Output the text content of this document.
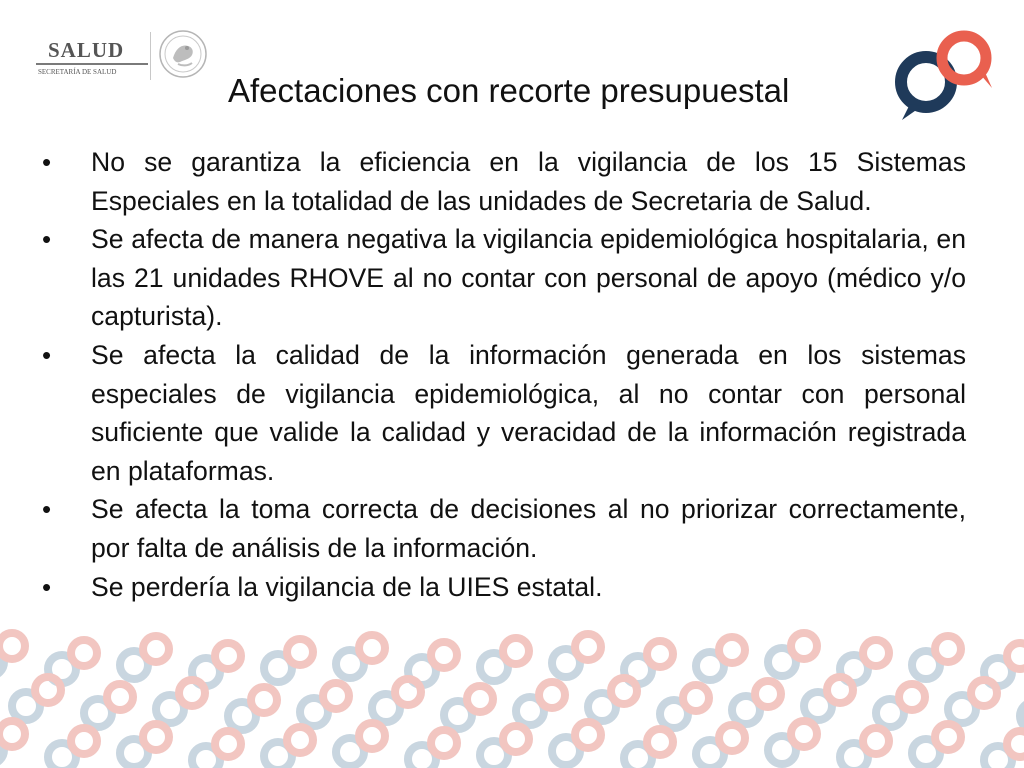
SALUD
SECRETARÍA DE SALUD	Afectaciones con recorte presupuestal
•	No se garantiza la eficiencia en la vigilancia de los 15 Sistemas Especiales en la totalidad de las unidades de Secretaria de Salud.
•	Se afecta de manera negativa la vigilancia epidemiológica hospitalaria, en las 21 unidades RHOVE al no contar con personal de apoyo (médico y/o capturista).
•	Se afecta la calidad de la información generada en los sistemas especiales de vigilancia epidemiológica, al no contar con personal suficiente que valide la calidad y veracidad de la información registrada en plataformas.
•	Se afecta la toma correcta de decisiones al no priorizar correctamente, por falta de análisis de la información.
•	Se perdería la vigilancia de la UIES estatal.
